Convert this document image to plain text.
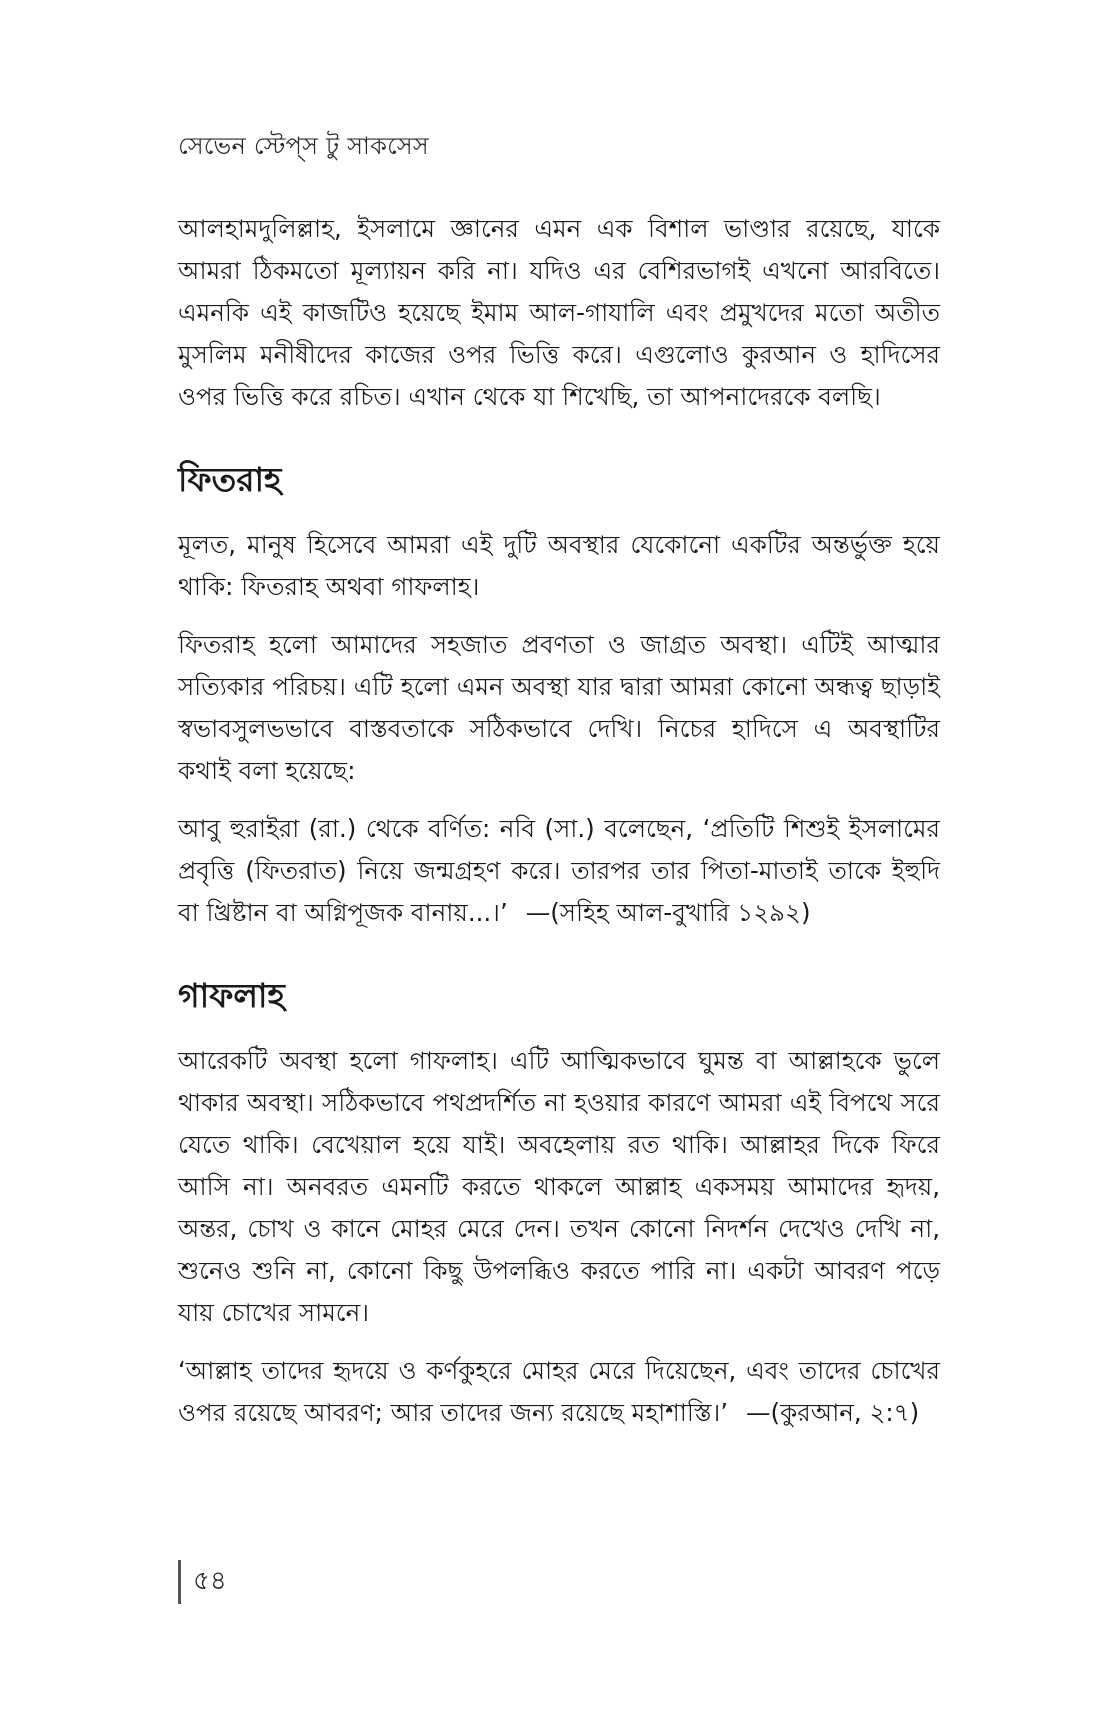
সেভেন স্টেপ্‌স টু সাকসেস

আলহামদুলিল্লাহ, ইসলামে জ্ঞানের এমন এক বিশাল ভাণ্ডার রয়েছে, যাকে আমরা ঠিকমতো মূল্যায়ন করি না। যদিও এর বেশিরভাগই এখনো আরবিতে। এমনকি এই কাজটিও হয়েছে ইমাম আল-গাযালি এবং প্রমুখদের মতো অতীত মুসলিম মনীষীদের কাজের ওপর ভিত্তি করে। এগুলোও কুরআন ও হাদিসের ওপর ভিত্তি করে রচিত। এখান থেকে যা শিখেছি, তা আপনাদেরকে বলছি।

ফিতরাহ

মূলত, মানুষ হিসেবে আমরা এই দুটি অবস্থার যেকোনো একটির অন্তর্ভুক্ত হয়ে থাকি: ফিতরাহ অথবা গাফলাহ।

ফিতরাহ হলো আমাদের সহজাত প্রবণতা ও জাগ্রত অবস্থা। এটিই আত্মার সত্যিকার পরিচয়। এটি হলো এমন অবস্থা যার দ্বারা আমরা কোনো অন্ধত্ব ছাড়াই স্বভাবসুলভভাবে বাস্তবতাকে সঠিকভাবে দেখি। নিচের হাদিসে এ অবস্থাটির কথাই বলা হয়েছে:

আবু হুরাইরা (রা.) থেকে বর্ণিত: নবি (সা.) বলেছেন, ‘প্রতিটি শিশুই ইসলামের প্রবৃত্তি (ফিতরাত) নিয়ে জন্মগ্রহণ করে। তারপর তার পিতা-মাতাই তাকে ইহুদি বা খ্রিষ্টান বা অগ্নিপূজক বানায়...।’ —(সহিহ আল-বুখারি ১২৯২)

গাফলাহ

আরেকটি অবস্থা হলো গাফলাহ। এটি আত্মিকভাবে ঘুমন্ত বা আল্লাহকে ভুলে থাকার অবস্থা। সঠিকভাবে পথপ্রদর্শিত না হওয়ার কারণে আমরা এই বিপথে সরে যেতে থাকি। বেখেয়াল হয়ে যাই। অবহেলায় রত থাকি। আল্লাহর দিকে ফিরে আসি না। অনবরত এমনটি করতে থাকলে আল্লাহ একসময় আমাদের হৃদয়, অন্তর, চোখ ও কানে মোহর মেরে দেন। তখন কোনো নিদর্শন দেখেও দেখি না, শুনেও শুনি না, কোনো কিছু উপলব্ধিও করতে পারি না। একটা আবরণ পড়ে যায় চোখের সামনে।

‘আল্লাহ তাদের হৃদয়ে ও কর্ণকুহরে মোহর মেরে দিয়েছেন, এবং তাদের চোখের ওপর রয়েছে আবরণ; আর তাদের জন্য রয়েছে মহাশাস্তি।’ —(কুরআন, ২:৭)

৫৪
